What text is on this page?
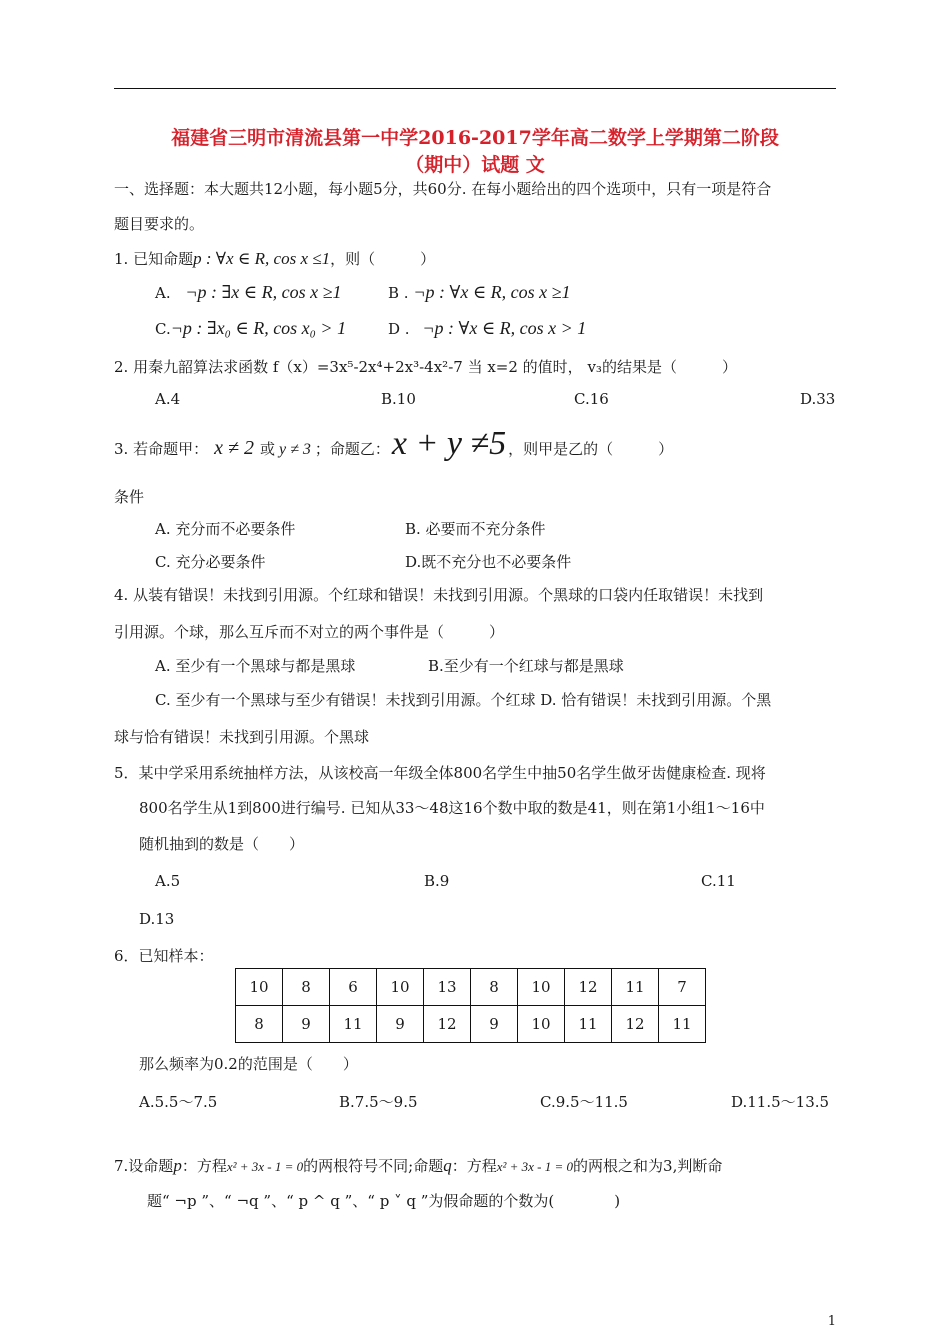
福建省三明市清流县第一中学2016-2017学年高二数学上学期第二阶段
（期中）试题 文
一、选择题：本大题共12小题，每小题5分，共60分. 在每小题给出的四个选项中，只有一项是符合
题目要求的。
1. 已知命题p : ∀x ∈ R, cos x ≤1，则（　　　）
A. ¬p : ∃x ∈ R, cos x ≥1	B . ¬p : ∀x ∈ R, cos x ≥1
C.¬p : ∃x₀ ∈ R, cos x₀ > 1	D . ¬p : ∀x ∈ R, cos x > 1
2. 用秦九韶算法求函数 f（x）=3x⁵-2x⁴+2x³-4x²-7 当 x=2 的值时， v₃的结果是（　　　）
A.4	B.10	C.16	D.33
3. 若命题甲： x ≠ 2 或 y ≠ 3 ；命题乙：x + y ≠5 ，则甲是乙的（　　　）
条件
A. 充分而不必要条件	B. 必要而不充分条件
C. 充分必要条件	D.既不充分也不必要条件
4. 从装有错误！未找到引用源。个红球和错误！未找到引用源。个黑球的口袋内任取错误！未找到
引用源。个球，那么互斥而不对立的两个事件是（　　　）
A. 至少有一个黑球与都是黑球	B.至少有一个红球与都是黑球
C. 至少有一个黑球与至少有错误！未找到引用源。个红球 D. 恰有错误！未找到引用源。个黑
球与恰有错误！未找到引用源。个黑球
5．某中学采用系统抽样方法，从该校高一年级全体800名学生中抽50名学生做牙齿健康检查. 现将
800名学生从1到800进行编号. 已知从33～48这16个数中取的数是41，则在第1小组1～16中
随机抽到的数是（　　）
A.5	B.9	C.11
D.13
6．已知样本：
10	8	6	10	13	8	10	12	11	7
8	9	11	9	12	9	10	11	12	11
那么频率为0.2的范围是（　　）
A.5.5～7.5	B.7.5～9.5	C.9.5～11.5	D.11.5～13.5
7.设命题p：方程x² + 3x - 1 = 0的两根符号不同;命题q：方程x² + 3x - 1 = 0的两根之和为3,判断命
题“ ¬p ”、“ ¬q ”、“ p ^ q ”、“ p ˅ q ”为假命题的个数为(　　　　)
1
